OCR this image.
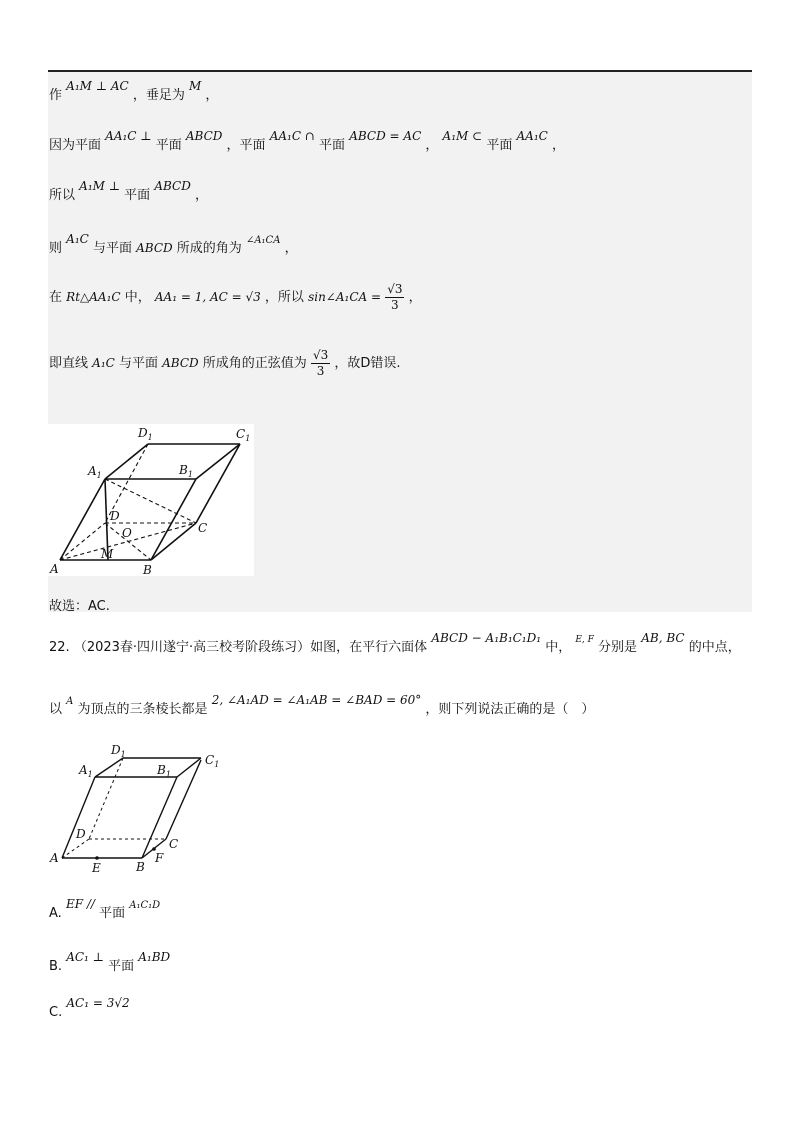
作 A₁M ⊥ AC ，垂足为 M ，
因为平面 AA₁C ⊥ 平面 ABCD ，平面 AA₁C ∩ 平面 ABCD = AC ， A₁M ⊂ 平面 AA₁C ，
所以 A₁M ⊥ 平面 ABCD ，
则 A₁C 与平面 ABCD 所成的角为 $^{\angle A_1CA}$ ，
在 Rt△AA₁C 中， AA₁ = 1, AC = √3 ，所以 sin∠A₁CA = $\frac{√3}{3}$ ，
即直线 A₁C 与平面 ABCD 所成角的正弦值为 $\frac{√3}{3}$ ，故D错误.
$D_1$	$C_1$
$A_1$	$B_1$
D
C
O
M
A	B
故选：AC.
22. （2023春·四川遂宁·高三校考阶段练习）如图，在平行六面体 ABCD − A₁B₁C₁D₁ 中， $^{E, F}$ 分别是 AB, BC 的中点，
以 $^A$ 为顶点的三条棱长都是 2, ∠A₁AD = ∠A₁AB = ∠BAD = 60° ，则下列说法正确的是（　）
$D_1$	$C_1$
$A_1$	$B_1$
D
C
A
B
E
F
A. EF // 平面 $^{A_1C_1D}$
B. AC₁ ⊥ 平面 A₁BD
C. AC₁ = 3√2
